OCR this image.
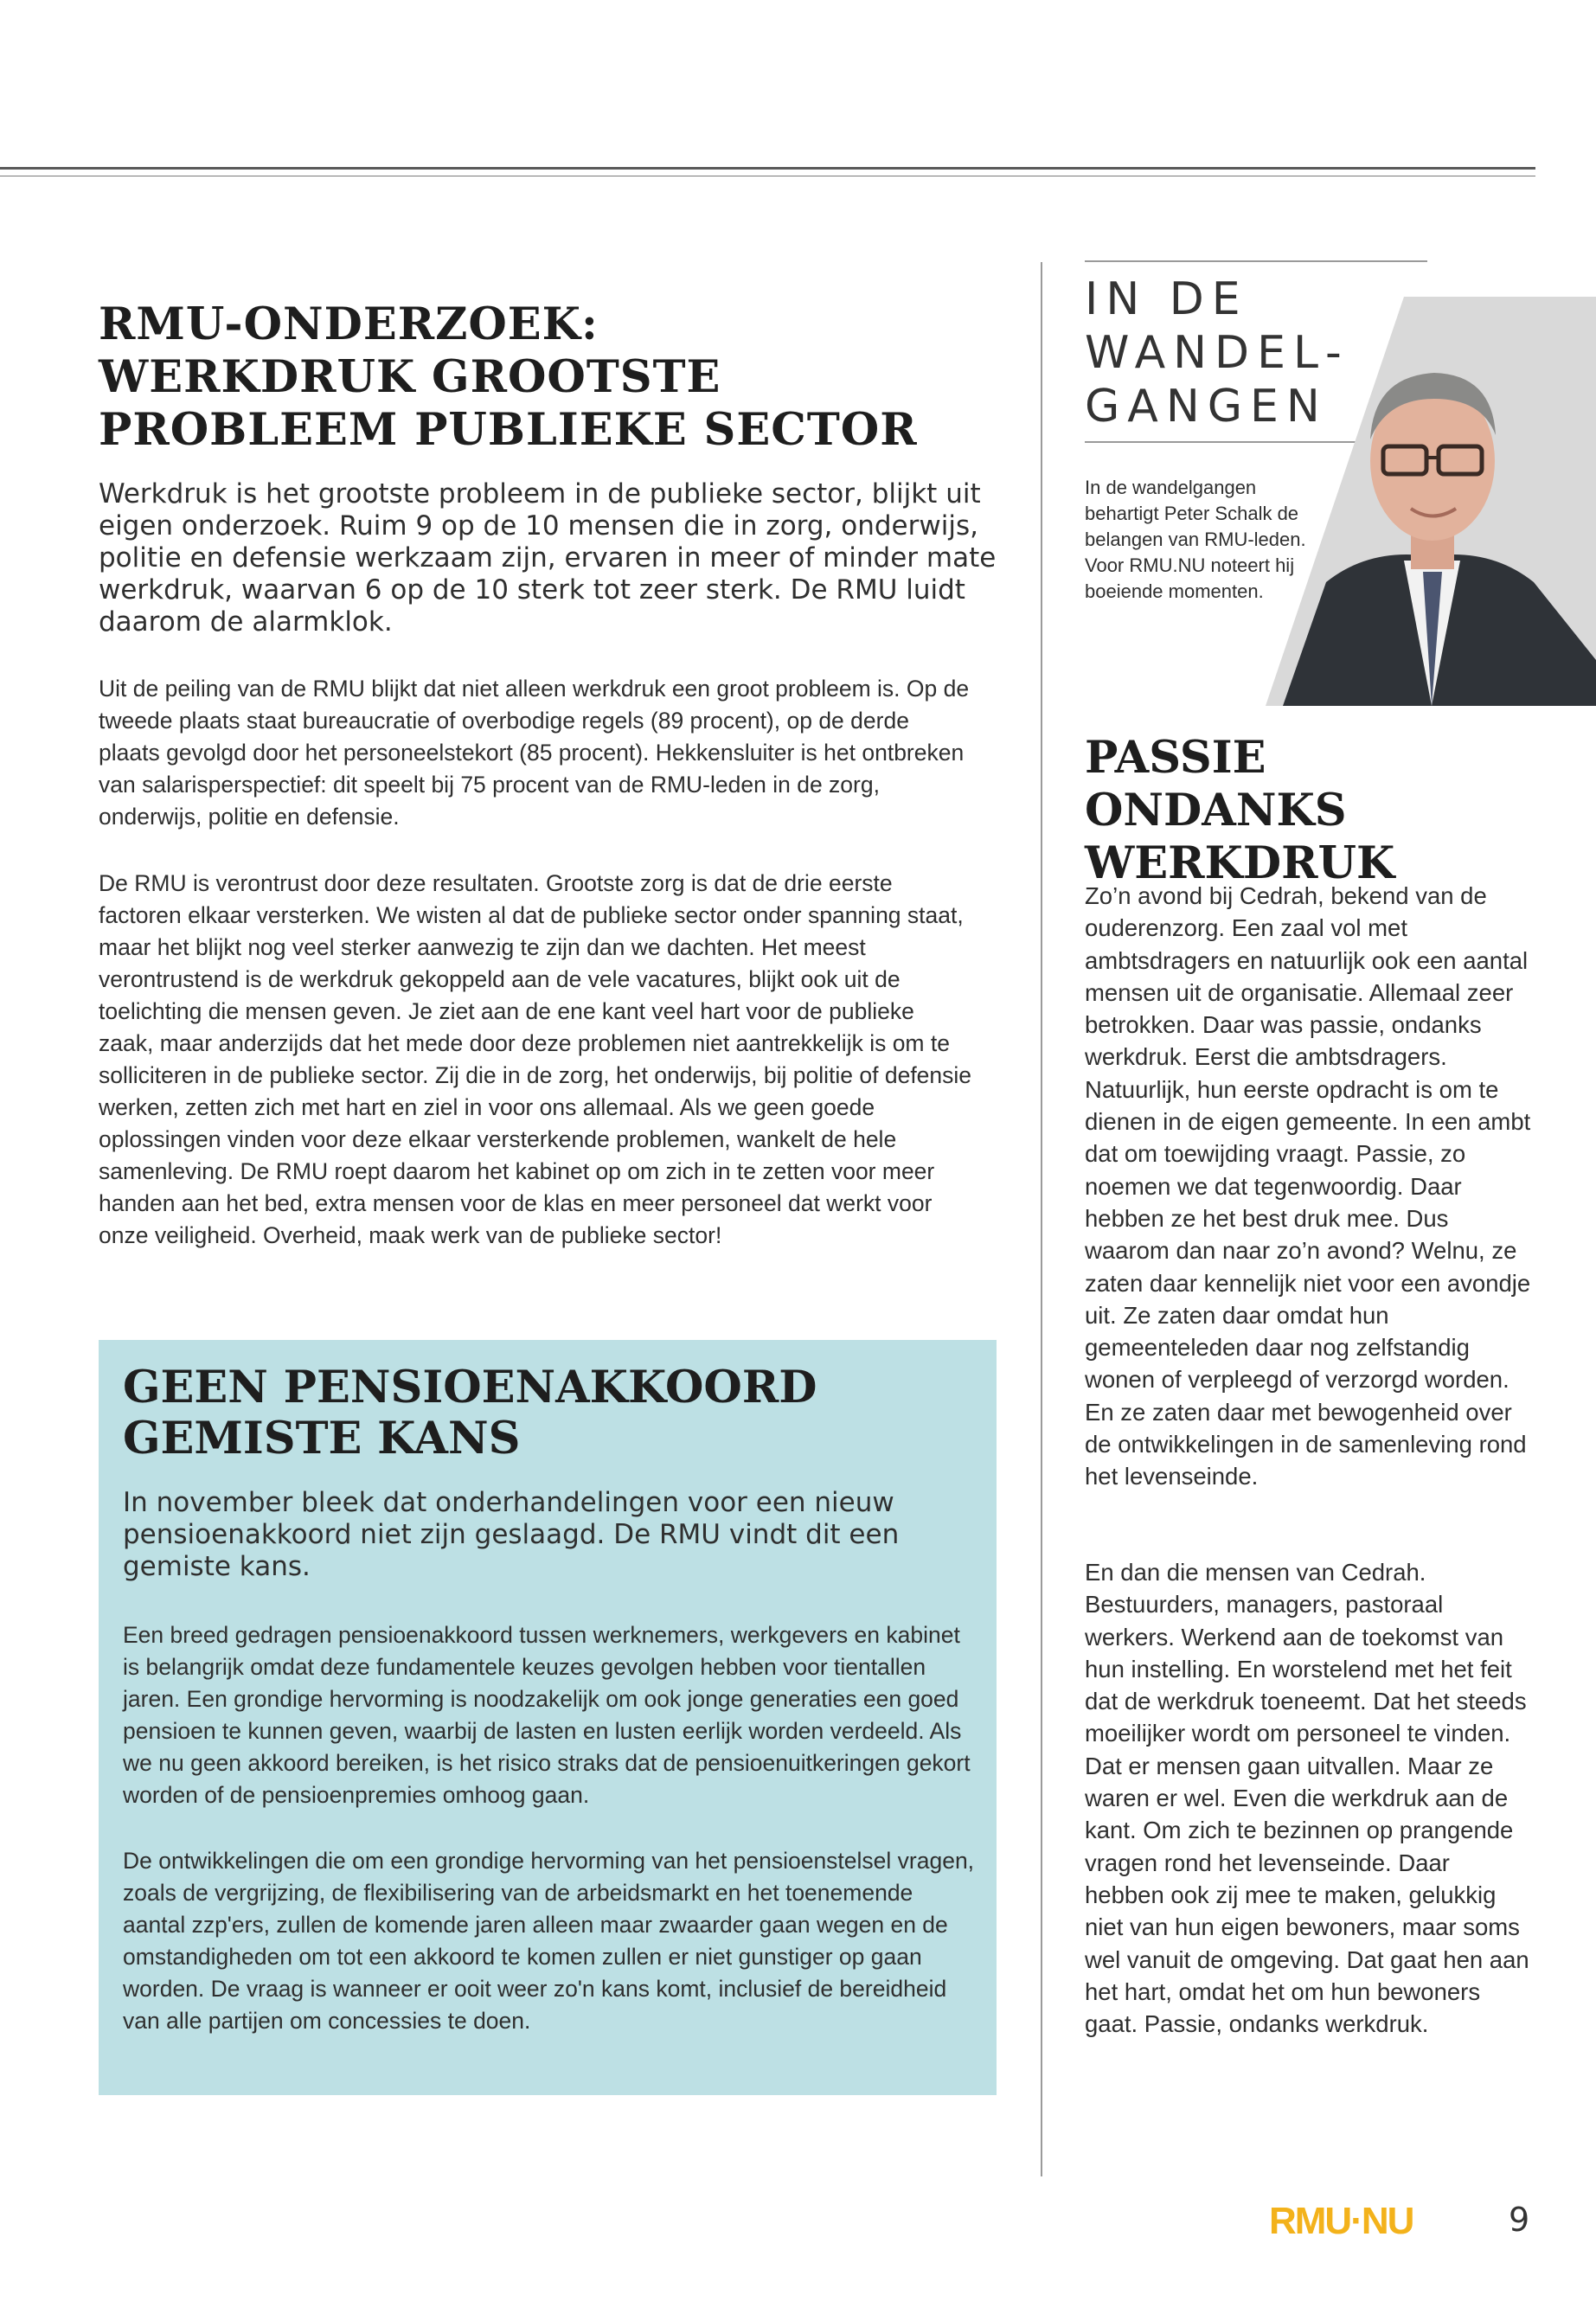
RMU-ONDERZOEK:
WERKDRUK GROOTSTE
PROBLEEM PUBLIEKE SECTOR

Werkdruk is het grootste probleem in de publieke sector, blijkt uit eigen onderzoek. Ruim 9 op de 10 mensen die in zorg, onderwijs, politie en defensie werkzaam zijn, ervaren in meer of minder mate werkdruk, waarvan 6 op de 10 sterk tot zeer sterk. De RMU luidt daarom de alarmklok.

Uit de peiling van de RMU blijkt dat niet alleen werkdruk een groot probleem is. Op de tweede plaats staat bureaucratie of overbodige regels (89 procent), op de derde plaats gevolgd door het personeelstekort (85 procent). Hekkensluiter is het ontbreken van salarisperspectief: dit speelt bij 75 procent van de RMU-leden in de zorg, onderwijs, politie en defensie.

De RMU is verontrust door deze resultaten. Grootste zorg is dat de drie eerste factoren elkaar versterken. We wisten al dat de publieke sector onder spanning staat, maar het blijkt nog veel sterker aanwezig te zijn dan we dachten. Het meest verontrustend is de werkdruk gekoppeld aan de vele vacatures, blijkt ook uit de toelichting die mensen geven. Je ziet aan de ene kant veel hart voor de publieke zaak, maar anderzijds dat het mede door deze problemen niet aantrekkelijk is om te solliciteren in de publieke sector. Zij die in de zorg, het onderwijs, bij politie of defensie werken, zetten zich met hart en ziel in voor ons allemaal. Als we geen goede oplossingen vinden voor deze elkaar versterkende problemen, wankelt de hele samenleving. De RMU roept daarom het kabinet op om zich in te zetten voor meer handen aan het bed, extra mensen voor de klas en meer personeel dat werkt voor onze veiligheid. Overheid, maak werk van de publieke sector!

GEEN PENSIOENAKKOORD
GEMISTE KANS

In november bleek dat onderhandelingen voor een nieuw pensioenakkoord niet zijn geslaagd. De RMU vindt dit een gemiste kans.

Een breed gedragen pensioenakkoord tussen werknemers, werkgevers en kabinet is belangrijk omdat deze fundamentele keuzes gevolgen hebben voor tientallen jaren. Een grondige hervorming is noodzakelijk om ook jonge generaties een goed pensioen te kunnen geven, waarbij de lasten en lusten eerlijk worden verdeeld. Als we nu geen akkoord bereiken, is het risico straks dat de pensioenuitkeringen gekort worden of de pensioenpremies omhoog gaan.

De ontwikkelingen die om een grondige hervorming van het pensioenstelsel vragen, zoals de vergrijzing, de flexibilisering van de arbeidsmarkt en het toenemende aantal zzp'ers, zullen de komende jaren alleen maar zwaarder gaan wegen en de omstandigheden om tot een akkoord te komen zullen er niet gunstiger op gaan worden. De vraag is wanneer er ooit weer zo'n kans komt, inclusief de bereidheid van alle partijen om concessies te doen.

IN DE
WANDEL-
GANGEN

In de wandelgangen behartigt Peter Schalk de belangen van RMU-leden. Voor RMU.NU noteert hij boeiende momenten.

PASSIE ONDANKS
WERKDRUK

Zo’n avond bij Cedrah, bekend van de ouderenzorg. Een zaal vol met ambtsdragers en natuurlijk ook een aantal mensen uit de organisatie. Allemaal zeer betrokken. Daar was passie, ondanks werkdruk. Eerst die ambtsdragers. Natuurlijk, hun eerste opdracht is om te dienen in de eigen gemeente. In een ambt dat om toewijding vraagt. Passie, zo noemen we dat tegenwoordig. Daar hebben ze het best druk mee. Dus waarom dan naar zo’n avond? Welnu, ze zaten daar kennelijk niet voor een avondje uit. Ze zaten daar omdat hun gemeenteleden daar nog zelfstandig wonen of verpleegd of verzorgd worden. En ze zaten daar met bewogenheid over de ontwikkelingen in de samenleving rond het levenseinde.

En dan die mensen van Cedrah. Bestuurders, managers, pastoraal werkers. Werkend aan de toekomst van hun instelling. En worstelend met het feit dat de werkdruk toeneemt. Dat het steeds moeilijker wordt om personeel te vinden. Dat er mensen gaan uitvallen. Maar ze waren er wel. Even die werkdruk aan de kant. Om zich te bezinnen op prangende vragen rond het levenseinde. Daar hebben ook zij mee te maken, gelukkig niet van hun eigen bewoners, maar soms wel vanuit de omgeving. Dat gaat hen aan het hart, omdat het om hun bewoners gaat. Passie, ondanks werkdruk.

RMU·NU	9
